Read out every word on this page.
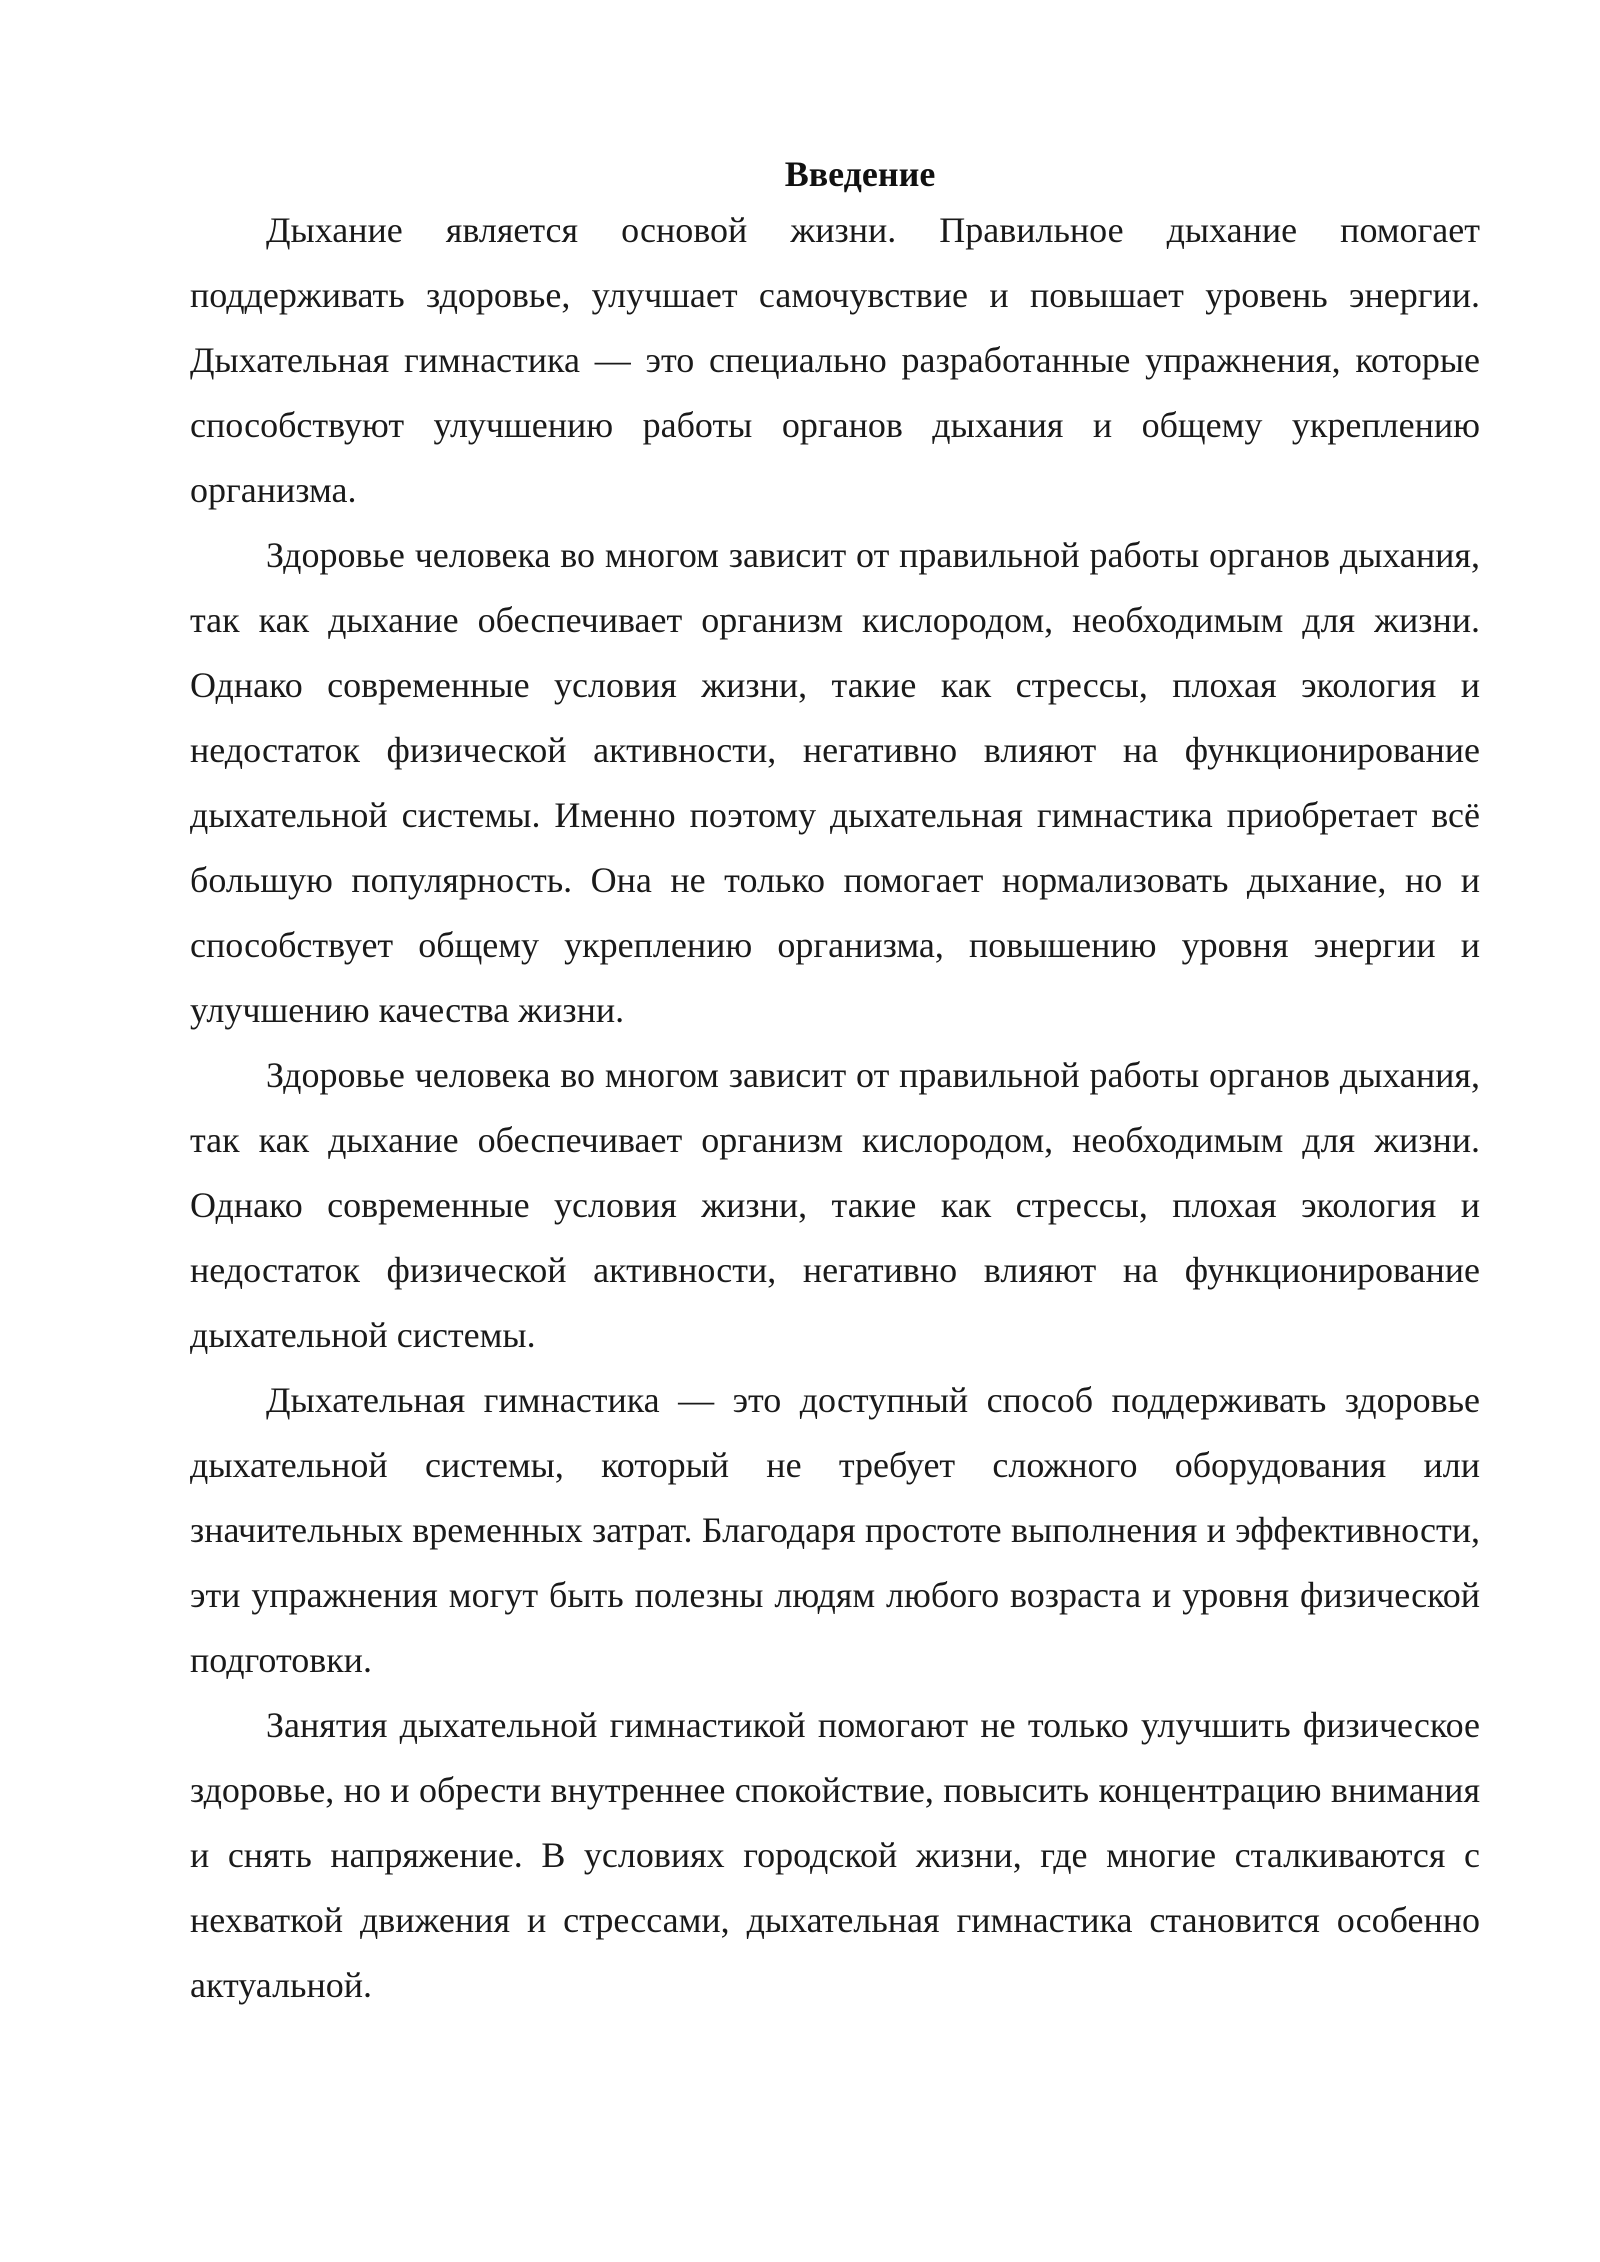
Введение

Дыхание является основой жизни. Правильное дыхание помогает поддерживать здоровье, улучшает самочувствие и повышает уровень энергии. Дыхательная гимнастика — это специально разработанные упражнения, которые способствуют улучшению работы органов дыхания и общему укреплению организма.

Здоровье человека во многом зависит от правильной работы органов дыхания, так как дыхание обеспечивает организм кислородом, необходимым для жизни. Однако современные условия жизни, такие как стрессы, плохая экология и недостаток физической активности, негативно влияют на функционирование дыхательной системы. Именно поэтому дыхательная гимнастика приобретает всё большую популярность. Она не только помогает нормализовать дыхание, но и способствует общему укреплению организма, повышению уровня энергии и улучшению качества жизни.

Здоровье человека во многом зависит от правильной работы органов дыхания, так как дыхание обеспечивает организм кислородом, необходимым для жизни. Однако современные условия жизни, такие как стрессы, плохая экология и недостаток физической активности, негативно влияют на функционирование дыхательной системы.

Дыхательная гимнастика — это доступный способ поддерживать здоровье дыхательной системы, который не требует сложного оборудования или значительных временных затрат. Благодаря простоте выполнения и эффективности, эти упражнения могут быть полезны людям любого возраста и уровня физической подготовки.

Занятия дыхательной гимнастикой помогают не только улучшить физическое здоровье, но и обрести внутреннее спокойствие, повысить концентрацию внимания и снять напряжение. В условиях городской жизни, где многие сталкиваются с нехваткой движения и стрессами, дыхательная гимнастика становится особенно актуальной.
